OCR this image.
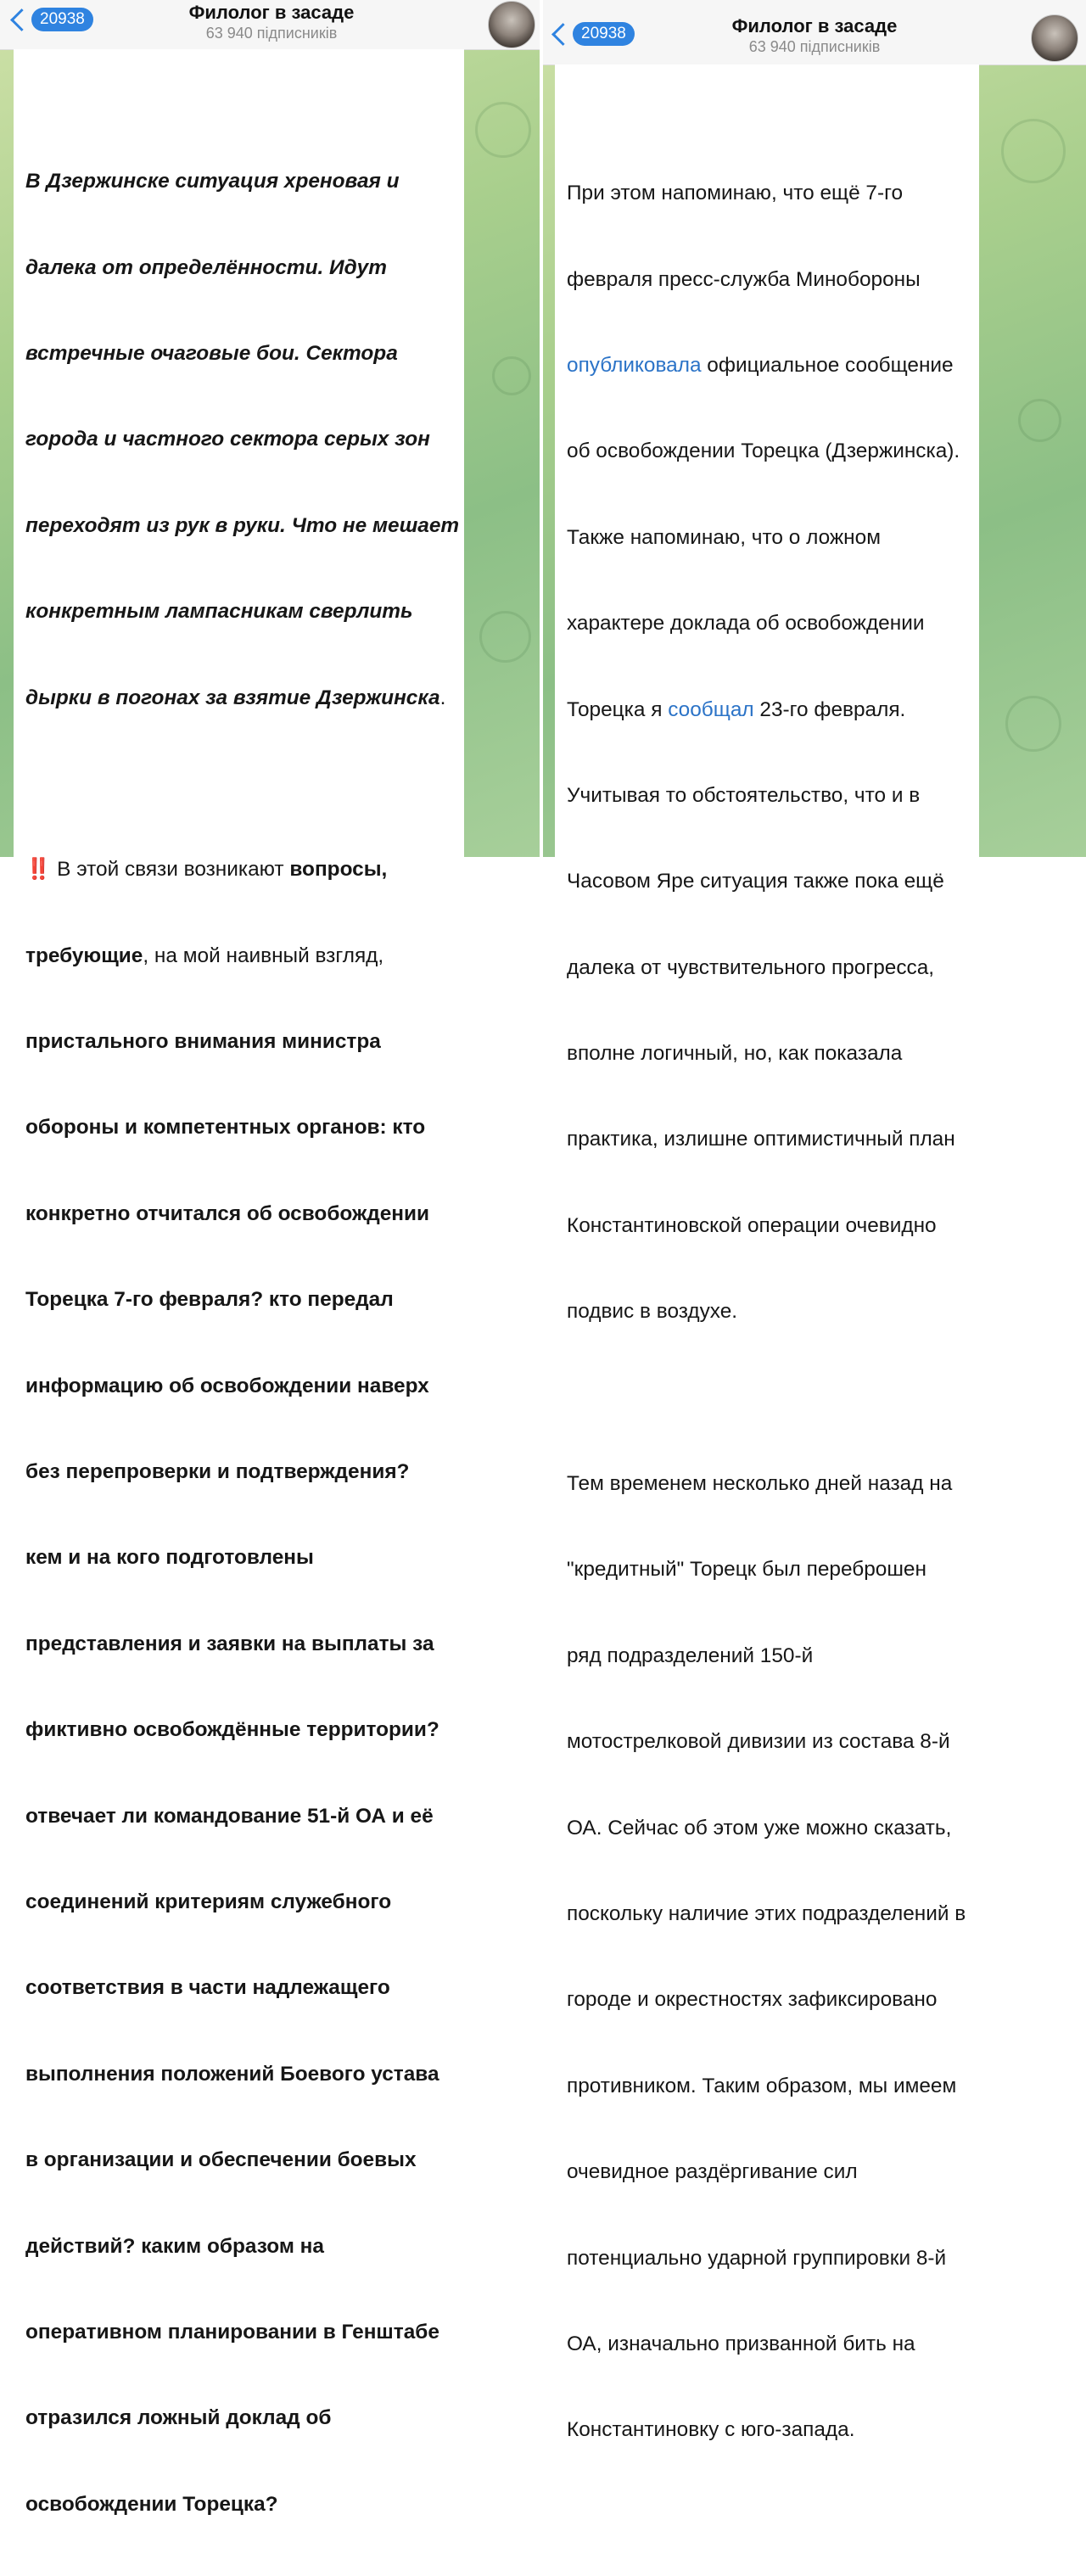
20938	Филолог в засаде
63 940 підписників

В Дзержинске ситуация хреновая и

далека от определённости. Идут

встречные очаговые бои. Сектора

города и частного сектора серых зон

переходят из рук в руки. Что не мешает

конкретным лампасникам сверлить

дырки в погонах за взятие Дзержинска.

‼️ В этой связи возникают вопросы,

требующие, на мой наивный взгляд,

пристального внимания министра

обороны и компетентных органов: кто

конкретно отчитался об освобождении

Торецка 7-го февраля? кто передал

информацию об освобождении наверх

без перепроверки и подтверждения?

кем и на кого подготовлены

представления и заявки на выплаты за

фиктивно освобождённые территории?

отвечает ли командование 51-й ОА и её

соединений критериям служебного

соответствия в части надлежащего

выполнения положений Боевого устава

в организации и обеспечении боевых

действий? каким образом на

оперативном планировании в Генштабе

отразился ложный доклад об

освобождении Торецка?

20938	Филолог в засаде
63 940 підписників

При этом напоминаю, что ещё 7-го

февраля пресс-служба Минобороны

опубликовала официальное сообщение

об освобождении Торецка (Дзержинска).

Также напоминаю, что о ложном

характере доклада об освобождении

Торецка я сообщал 23-го февраля.

Учитывая то обстоятельство, что и в

Часовом Яре ситуация также пока ещё

далека от чувствительного прогресса,

вполне логичный, но, как показала

практика, излишне оптимистичный план

Константиновской операции очевидно

подвис в воздухе.

Тем временем несколько дней назад на

"кредитный" Торецк был переброшен

ряд подразделений 150-й

мотострелковой дивизии из состава 8-й

ОА. Сейчас об этом уже можно сказать,

поскольку наличие этих подразделений в

городе и окрестностях зафиксировано

противником. Таким образом, мы имеем

очевидное раздёргивание сил

потенциально ударной группировки 8-й

ОА, изначально призванной бить на

Константиновку с юго-запада.
